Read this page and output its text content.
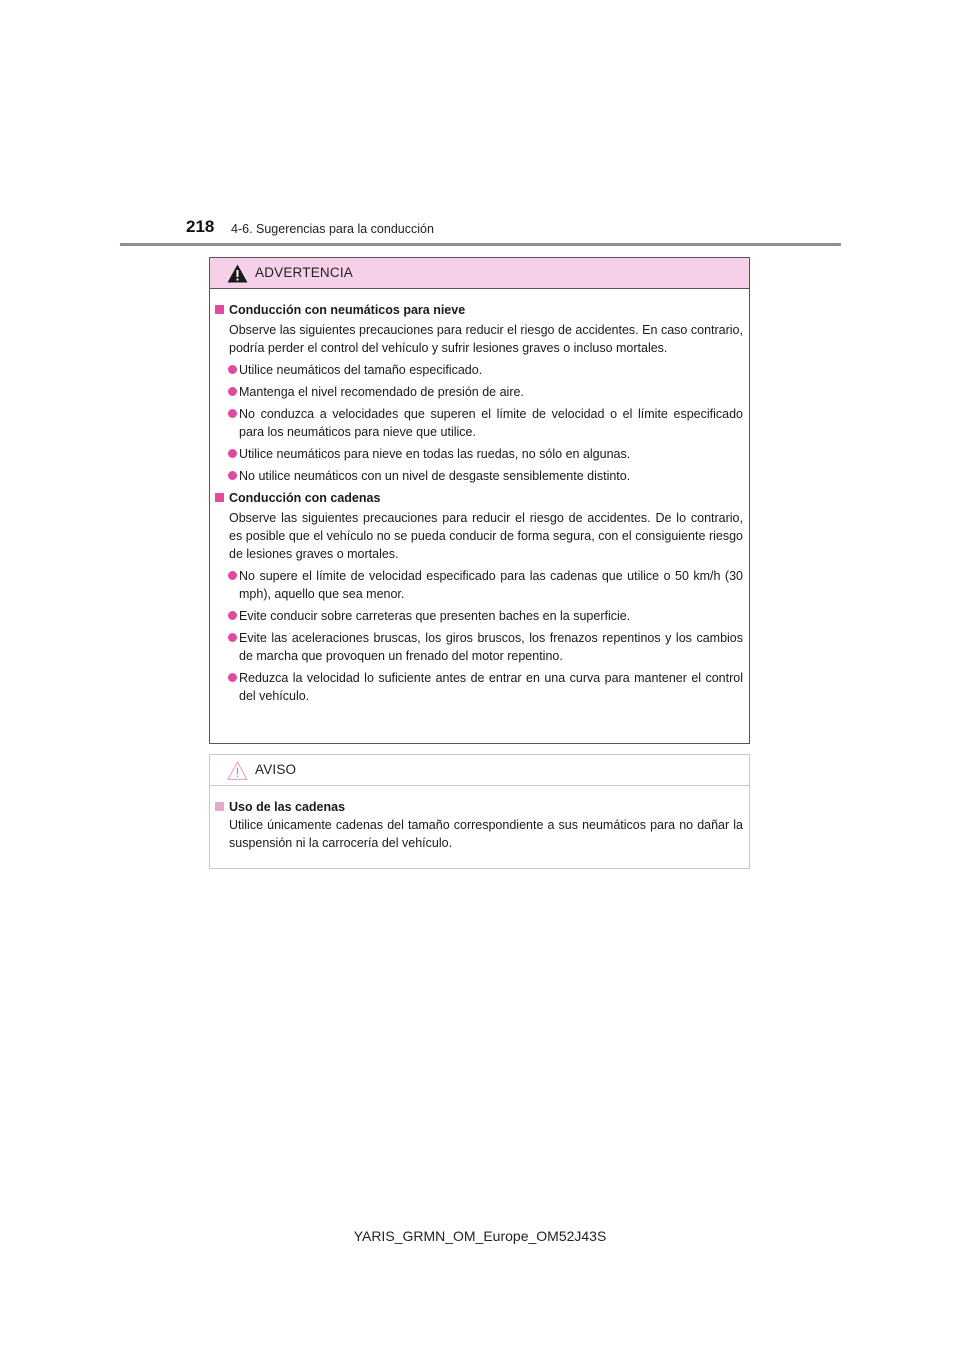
218 4-6. Sugerencias para la conducción
ADVERTENCIA
Conducción con neumáticos para nieve
Observe las siguientes precauciones para reducir el riesgo de accidentes. En caso contrario, podría perder el control del vehículo y sufrir lesiones graves o incluso mortales.
Utilice neumáticos del tamaño especificado.
Mantenga el nivel recomendado de presión de aire.
No conduzca a velocidades que superen el límite de velocidad o el límite especificado para los neumáticos para nieve que utilice.
Utilice neumáticos para nieve en todas las ruedas, no sólo en algunas.
No utilice neumáticos con un nivel de desgaste sensiblemente distinto.
Conducción con cadenas
Observe las siguientes precauciones para reducir el riesgo de accidentes. De lo contrario, es posible que el vehículo no se pueda conducir de forma segura, con el consiguiente riesgo de lesiones graves o mortales.
No supere el límite de velocidad especificado para las cadenas que utilice o 50 km/h (30 mph), aquello que sea menor.
Evite conducir sobre carreteras que presenten baches en la superficie.
Evite las aceleraciones bruscas, los giros bruscos, los frenazos repentinos y los cambios de marcha que provoquen un frenado del motor repentino.
Reduzca la velocidad lo suficiente antes de entrar en una curva para mantener el control del vehículo.
AVISO
Uso de las cadenas
Utilice únicamente cadenas del tamaño correspondiente a sus neumáticos para no dañar la suspensión ni la carrocería del vehículo.
YARIS_GRMN_OM_Europe_OM52J43S
